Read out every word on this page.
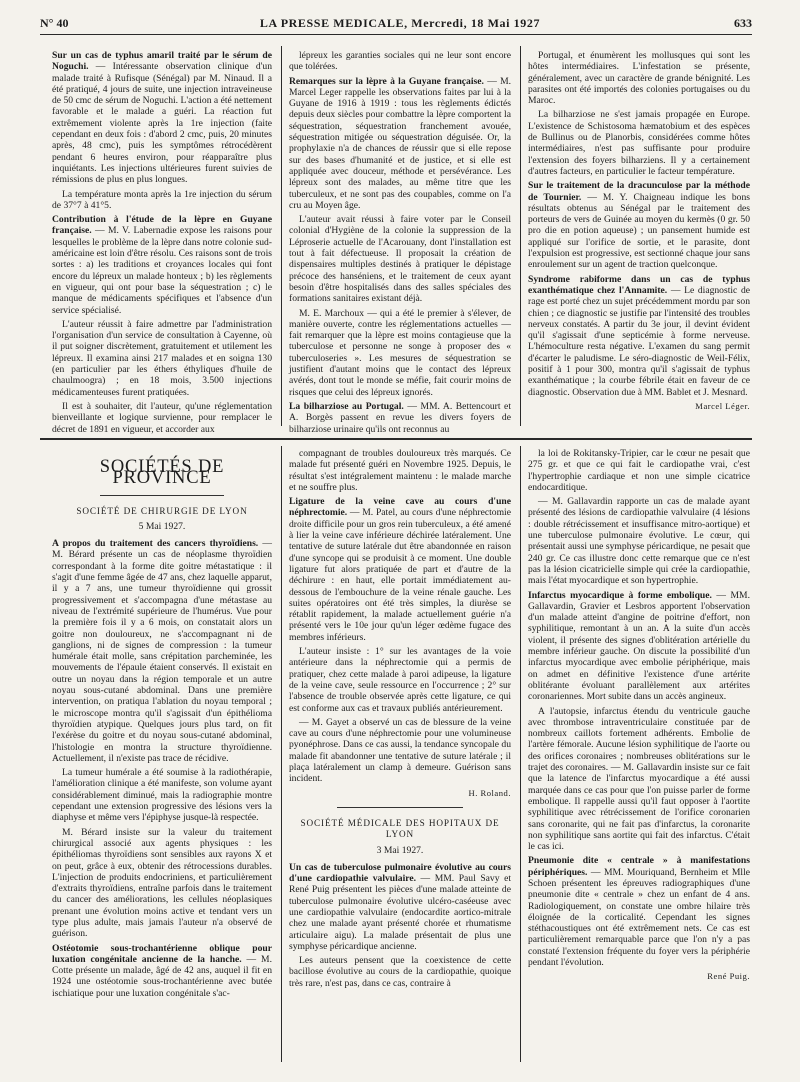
N° 40	LA PRESSE MEDICALE, Mercredi, 18 Mai 1927	633

Sur un cas de typhus amaril traité par le sérum de Noguchi. — Intéressante observation clinique d'un malade traité à Rufisque (Sénégal) par M. Ninaud. Il a été pratiqué, 4 jours de suite, une injection intraveineuse de 50 cmc de sérum de Noguchi. L'action a été nettement favorable et le malade a guéri. La réaction fut extrêmement violente après la 1re injection (faite cependant en deux fois : d'abord 2 cmc, puis, 20 minutes après, 48 cmc), puis les symptômes rétrocédèrent pendant 6 heures environ, pour réapparaître plus inquiétants. Les injections ultérieures furent suivies de rémissions de plus en plus longues.

La température monta après la 1re injection du sérum de 37°7 à 41°5.

Contribution à l'étude de la lèpre en Guyane française. — M. V. Labernadie expose les raisons pour lesquelles le problème de la lèpre dans notre colonie sud-américaine est loin d'être résolu. Ces raisons sont de trois sortes : a) les traditions et croyances locales qui font encore du lépreux un malade honteux ; b) les règlements en vigueur, qui ont pour base la séquestration ; c) le manque de médicaments spécifiques et l'absence d'un service spécialisé.

L'auteur réussit à faire admettre par l'administration l'organisation d'un service de consultation à Cayenne, où il put soigner discrètement, gratuitement et utilement les lépreux. Il examina ainsi 217 malades et en soigna 130 (en particulier par les éthers éthyliques d'huile de chaulmoogra) ; en 18 mois, 3.500 injections médicamenteuses furent pratiquées.

Il est à souhaiter, dit l'auteur, qu'une réglementation bienveillante et logique survienne, pour remplacer le décret de 1891 en vigueur, et accorder aux

lépreux les garanties sociales qui ne leur sont encore que tolérées.

Remarques sur la lèpre à la Guyane française. — M. Marcel Leger rappelle les observations faites par lui à la Guyane de 1916 à 1919 : tous les règlements édictés depuis deux siècles pour combattre la lèpre comportent la séquestration, séquestration franchement avouée, séquestration mitigée ou séquestration déguisée. Or, la prophylaxie n'a de chances de réussir que si elle repose sur des bases d'humanité et de justice, et si elle est appliquée avec douceur, méthode et persévérance. Les lépreux sont des malades, au même titre que les tuberculeux, et ne sont pas des coupables, comme on l'a cru au Moyen âge.

L'auteur avait réussi à faire voter par le Conseil colonial d'Hygiène de la colonie la suppression de la Léproserie actuelle de l'Acarouany, dont l'installation est tout à fait défectueuse. Il proposait la création de dispensaires multiples destinés à pratiquer le dépistage précoce des hanséniens, et le traitement de ceux ayant besoin d'être hospitalisés dans des salles spéciales des formations sanitaires existant déjà.

M. E. Marchoux — qui a été le premier à s'élever, de manière ouverte, contre les réglementations actuelles — fait remarquer que la lèpre est moins contagieuse que la tuberculose et personne ne songe à proposer des « tuberculoseries ». Les mesures de séquestration se justifient d'autant moins que le contact des lépreux avérés, dont tout le monde se méfie, fait courir moins de risques que celui des lépreux ignorés.

La bilharziose au Portugal. — MM. A. Bettencourt et A. Borgès passent en revue les divers foyers de bilharziose urinaire qu'ils ont reconnus au

Portugal, et énumèrent les mollusques qui sont les hôtes intermédiaires. L'infestation se présente, généralement, avec un caractère de grande bénignité. Les parasites ont été importés des colonies portugaises ou du Maroc.

La bilharziose ne s'est jamais propagée en Europe. L'existence de Schistosoma hæmatobium et des espèces de Bullinus ou de Planorbis, considérées comme hôtes intermédiaires, n'est pas suffisante pour produire l'extension des foyers bilharziens. Il y a certainement d'autres facteurs, en particulier le facteur température.

Sur le traitement de la dracunculose par la méthode de Tournier. — M. Y. Chaigneau indique les bons résultats obtenus au Sénégal par le traitement des porteurs de vers de Guinée au moyen du kermès (0 gr. 50 pro die en potion aqueuse) ; un pansement humide est appliqué sur l'orifice de sortie, et le parasite, dont l'expulsion est progressive, est sectionné chaque jour sans enroulement sur un agent de traction quelconque.

Syndrome rabiforme dans un cas de typhus exanthématique chez l'Annamite. — Le diagnostic de rage est porté chez un sujet précédemment mordu par son chien ; ce diagnostic se justifie par l'intensité des troubles nerveux constatés. A partir du 3e jour, il devint évident qu'il s'agissait d'une septicémie à forme nerveuse. L'hémoculture resta négative. L'examen du sang permit d'écarter le paludisme. Le séro-diagnostic de Weil-Félix, positif à 1 pour 300, montra qu'il s'agissait de typhus exanthématique ; la courbe fébrile était en faveur de ce diagnostic. Observation due à MM. Bablet et J. Mesnard.

Marcel Léger.
SOCIÉTÉS DE PROVINCE
SOCIÉTÉ DE CHIRURGIE DE LYON
5 Mai 1927.

A propos du traitement des cancers thyroïdiens. — M. Bérard présente un cas de néoplasme thyroïdien correspondant à la forme dite goitre métastatique : il s'agit d'une femme âgée de 47 ans, chez laquelle apparut, il y a 7 ans, une tumeur thyroïdienne qui grossit progressivement et s'accompagna d'une métastase au niveau de l'extrémité supérieure de l'humérus. Vue pour la première fois il y a 6 mois, on constatait alors un goitre non douloureux, ne s'accompagnant ni de ganglions, ni de signes de compression : la tumeur humérale était molle, sans crépitation parcheminée, les mouvements de l'épaule étaient conservés. Il existait en outre un noyau dans la région temporale et un autre noyau sous-cutané abdominal. Dans une première intervention, on pratiqua l'ablation du noyau temporal ; le microscope montra qu'il s'agissait d'un épithélioma thyroïdien atypique. Quelques jours plus tard, on fit l'exérèse du goitre et du noyau sous-cutané abdominal, l'histologie en montra la structure thyroïdienne. Actuellement, il n'existe pas trace de récidive.

La tumeur humérale a été soumise à la radiothérapie, l'amélioration clinique a été manifeste, son volume ayant considérablement diminué, mais la radiographie montre cependant une extension progressive des lésions vers la diaphyse et même vers l'épiphyse jusque-là respectée.

M. Bérard insiste sur la valeur du traitement chirurgical associé aux agents physiques : les épithéliomas thyroïdiens sont sensibles aux rayons X et on peut, grâce à eux, obtenir des rétrocessions durables. L'injection de produits endocriniens, et particulièrement d'extraits thyroïdiens, entraîne parfois dans le traitement du cancer des améliorations, les cellules néoplasiques prenant une évolution moins active et tendant vers un type plus adulte, mais jamais l'auteur n'a observé de guérison.

Ostéotomie sous-trochantérienne oblique pour luxation congénitale ancienne de la hanche. — M. Cotte présente un malade, âgé de 42 ans, auquel il fit en 1924 une ostéotomie sous-trochantérienne avec butée ischiatique pour une luxation congénitale s'ac-

compagnant de troubles douloureux très marqués. Ce malade fut présenté guéri en Novembre 1925. Depuis, le résultat s'est intégralement maintenu : le malade marche et ne souffre plus.

Ligature de la veine cave au cours d'une néphrectomie. — M. Patel, au cours d'une néphrectomie droite difficile pour un gros rein tuberculeux, a été amené à lier la veine cave inférieure déchirée latéralement. Une tentative de suture latérale dut être abandonnée en raison d'une syncope qui se produisit à ce moment. Une double ligature fut alors pratiquée de part et d'autre de la déchirure : en haut, elle portait immédiatement au-dessous de l'embouchure de la veine rénale gauche. Les suites opératoires ont été très simples, la diurèse se rétablit rapidement, la malade actuellement guérie n'a présenté vers le 10e jour qu'un léger œdème fugace des membres inférieurs.

L'auteur insiste : 1° sur les avantages de la voie antérieure dans la néphrectomie qui a permis de pratiquer, chez cette malade à paroi adipeuse, la ligature de la veine cave, seule ressource en l'occurrence ; 2° sur l'absence de trouble observée après cette ligature, ce qui est conforme aux cas et travaux publiés antérieurement.

— M. Gayet a observé un cas de blessure de la veine cave au cours d'une néphrectomie pour une volumineuse pyonéphrose. Dans ce cas aussi, la tendance syncopale du malade fit abandonner une tentative de suture latérale ; il plaça latéralement un clamp à demeure. Guérison sans incident.

H. Roland.
SOCIÉTÉ MÉDICALE DES HOPITAUX DE LYON
3 Mai 1927.

Un cas de tuberculose pulmonaire évolutive au cours d'une cardiopathie valvulaire. — MM. Paul Savy et René Puig présentent les pièces d'une malade atteinte de tuberculose pulmonaire évolutive ulcéro-caséeuse avec une cardiopathie valvulaire (endocardite aortico-mitrale chez une malade ayant présenté chorée et rhumatisme articulaire aigu). La malade présentait de plus une symphyse péricardique ancienne.

Les auteurs pensent que la coexistence de cette bacillose évolutive au cours de la cardiopathie, quoique très rare, n'est pas, dans ce cas, contraire à

la loi de Rokitansky-Tripier, car le cœur ne pesait que 275 gr. et que ce qui fait le cardiopathe vrai, c'est l'hypertrophie cardiaque et non une simple cicatrice endocarditique.

— M. Gallavardin rapporte un cas de malade ayant présenté des lésions de cardiopathie valvulaire (4 lésions : double rétrécissement et insuffisance mitro-aortique) et une tuberculose pulmonaire évolutive. Le cœur, qui présentait aussi une symphyse péricardique, ne pesait que 240 gr. Ce cas illustre donc cette remarque que ce n'est pas la lésion cicatricielle simple qui crée la cardiopathie, mais l'état myocardique et son hypertrophie.

Infarctus myocardique à forme embolique. — MM. Gallavardin, Gravier et Lesbros apportent l'observation d'un malade atteint d'angine de poitrine d'effort, non syphilitique, remontant à un an. A la suite d'un accès violent, il présente des signes d'oblitération artérielle du membre inférieur gauche. On discute la possibilité d'un infarctus myocardique avec embolie périphérique, mais on admet en définitive l'existence d'une artérite oblitérante évoluant parallèlement aux artérites coronariennes. Mort subite dans un accès angineux.

A l'autopsie, infarctus étendu du ventricule gauche avec thrombose intraventriculaire constituée par de nombreux caillots fortement adhérents. Embolie de l'artère fémorale. Aucune lésion syphilitique de l'aorte ou des orifices coronaires ; nombreuses oblitérations sur le trajet des coronaires. — M. Gallavardin insiste sur ce fait que la latence de l'infarctus myocardique a été aussi marquée dans ce cas pour que l'on puisse parler de forme embolique. Il rappelle aussi qu'il faut opposer à l'aortite syphilitique avec rétrécissement de l'orifice coronarien sans coronarite, qui ne fait pas d'infarctus, la coronarite non syphilitique sans aortite qui fait des infarctus. C'était le cas ici.

Pneumonie dite « centrale » à manifestations périphériques. — MM. Mouriquand, Bernheim et Mlle Schoen présentent les épreuves radiographiques d'une pneumonie dite « centrale » chez un enfant de 4 ans. Radiologiquement, on constate une ombre hilaire très éloignée de la corticalité. Cependant les signes stéthacoustiques ont été extrêmement nets. Ce cas est particulièrement remarquable parce que l'on n'y a pas constaté l'extension fréquente du foyer vers la périphérie pendant l'évolution.

René Puig.
